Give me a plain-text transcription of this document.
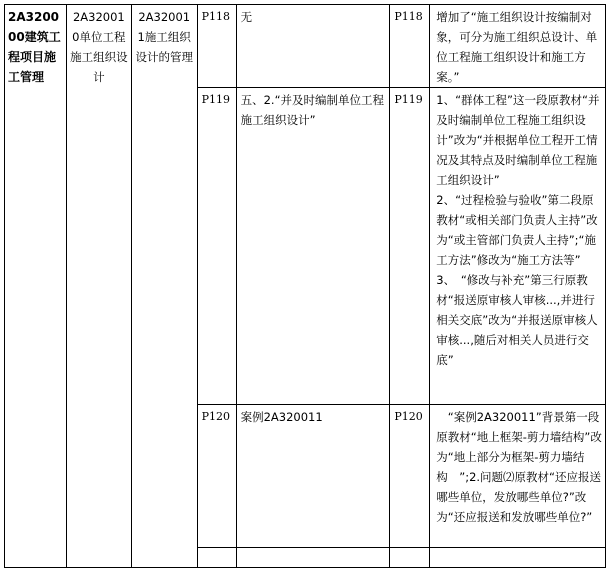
2A320000建筑工程项目施工管理	2A320010单位工程施工组织设计	2A320011施工组织设计的管理	P118	无	P118	增加了“施工组织设计按编制对象，可分为施工组织总设计、单位工程施工组织设计和施工方案。”

			P119	五、2.“并及时编制单位工程施工组织设计”	P119	1、“群体工程”这一段原教材“并及时编制单位工程施工组织设计”改为“并根据单位工程开工情况及其特点及时编制单位工程施工组织设计”
2、“过程检验与验收”第二段原教材“或相关部门负责人主持”改为“或主管部门负责人主持”;“施工方法”修改为“施工方法等”
3、　“修改与补充”第三行原教材“报送原审核人审核...,并进行相关交底”改为“并报送原审核人审核...,随后对相关人员进行交底”

			P120	案例2A320011	P120	　“案例2A320011”背景第一段原教材“地上框架-剪力墙结构”改为“地上部分为框架-剪力墙结构　”;2.问题⑵原教材“还应报送哪些单位，发放哪些单位?”改为“还应报送和发放哪些单位?”
